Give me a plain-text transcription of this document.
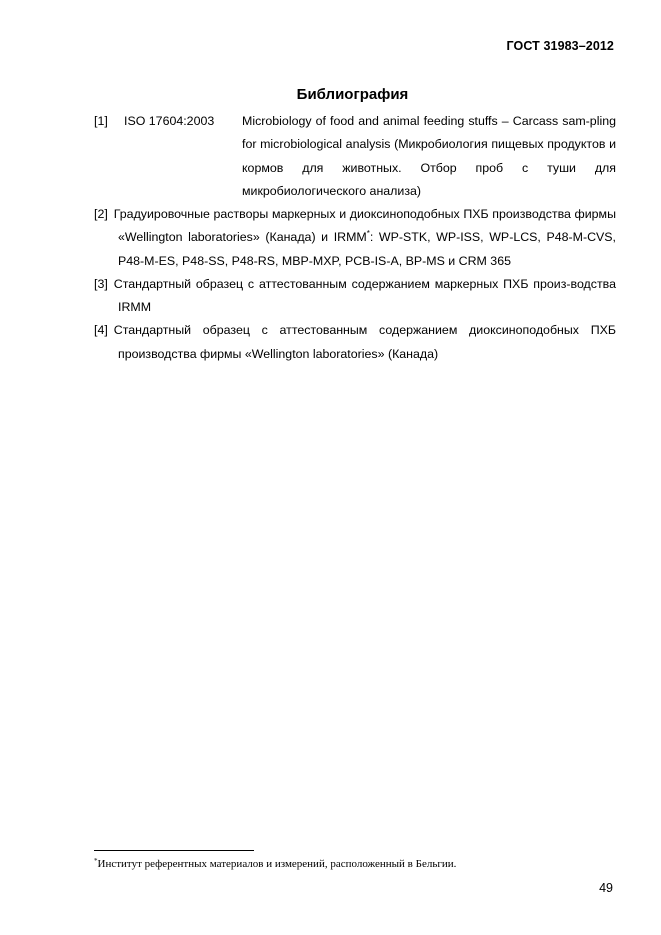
ГОСТ 31983–2012
Библиография
[1] ISO 17604:2003 Microbiology of food and animal feeding stuffs – Carcass sam-pling for microbiological analysis (Микробиология пищевых продуктов и кормов для животных. Отбор проб с туши для микробиологического анализа)
[2] Градуировочные растворы маркерных и диоксиноподобных ПХБ производства фирмы «Wellington laboratories» (Канада) и IRMM*: WP-STK, WP-ISS, WP-LCS, P48-M-CVS, P48-M-ES, P48-SS, P48-RS, MBP-MXP, PCB-IS-A, BP-MS и CRM 365
[3] Стандартный образец с аттестованным содержанием маркерных ПХБ произ-водства IRMM
[4] Стандартный образец с аттестованным содержанием диоксиноподобных ПХБ производства фирмы «Wellington laboratories» (Канада)
*Институт референтных материалов и измерений, расположенный в Бельгии.
49
